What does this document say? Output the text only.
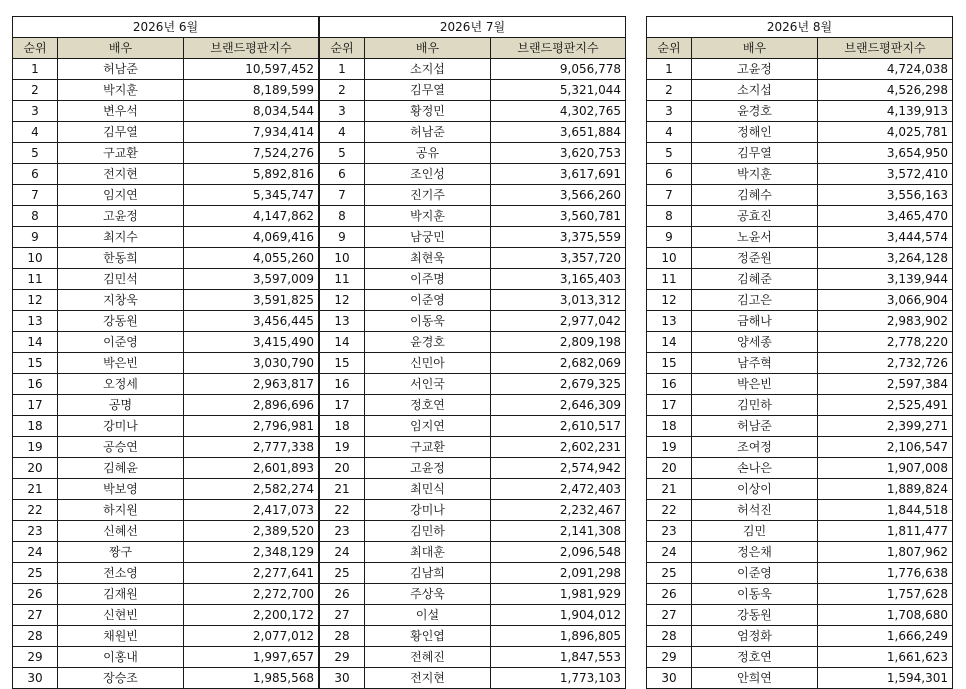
2026년 6월		
순위	배우	브랜드평판지수
1	허남준	10,597,452
2	박지훈	8,189,599
3	변우석	8,034,544
4	김무열	7,934,414
5	구교환	7,524,276
6	전지현	5,892,816
7	임지연	5,345,747
8	고윤정	4,147,862
9	최지수	4,069,416
10	한동희	4,055,260
11	김민석	3,597,009
12	지창욱	3,591,825
13	강동원	3,456,445
14	이준영	3,415,490
15	박은빈	3,030,790
16	오정세	2,963,817
17	공명	2,896,696
18	강미나	2,796,981
19	공승연	2,777,338
20	김혜윤	2,601,893
21	박보영	2,582,274
22	하지원	2,417,073
23	신혜선	2,389,520
24	짱구	2,348,129
25	전소영	2,277,641
26	김재원	2,272,700
27	신현빈	2,200,172
28	채원빈	2,077,012
29	이홍내	1,997,657
30	장승조	1,985,568
2026년 7월		
순위	배우	브랜드평판지수
1	소지섭	9,056,778
2	김무열	5,321,044
3	황정민	4,302,765
4	허남준	3,651,884
5	공유	3,620,753
6	조인성	3,617,691
7	진기주	3,566,260
8	박지훈	3,560,781
9	남궁민	3,375,559
10	최현욱	3,357,720
11	이주명	3,165,403
12	이준영	3,013,312
13	이동욱	2,977,042
14	윤경호	2,809,198
15	신민아	2,682,069
16	서인국	2,679,325
17	정호연	2,646,309
18	임지연	2,610,517
19	구교환	2,602,231
20	고윤정	2,574,942
21	최민식	2,472,403
22	강미나	2,232,467
23	김민하	2,141,308
24	최대훈	2,096,548
25	김남희	2,091,298
26	주상욱	1,981,929
27	이설	1,904,012
28	황인엽	1,896,805
29	전혜진	1,847,553
30	전지현	1,773,103
2026년 8월		
순위	배우	브랜드평판지수
1	고윤정	4,724,038
2	소지섭	4,526,298
3	윤경호	4,139,913
4	정해인	4,025,781
5	김무열	3,654,950
6	박지훈	3,572,410
7	김혜수	3,556,163
8	공효진	3,465,470
9	노윤서	3,444,574
10	정준원	3,264,128
11	김혜준	3,139,944
12	김고은	3,066,904
13	금해나	2,983,902
14	양세종	2,778,220
15	남주혁	2,732,726
16	박은빈	2,597,384
17	김민하	2,525,491
18	허남준	2,399,271
19	조여정	2,106,547
20	손나은	1,907,008
21	이상이	1,889,824
22	허석진	1,844,518
23	김민	1,811,477
24	정은채	1,807,962
25	이준영	1,776,638
26	이동욱	1,757,628
27	강동원	1,708,680
28	엄정화	1,666,249
29	정호연	1,661,623
30	안희연	1,594,301
